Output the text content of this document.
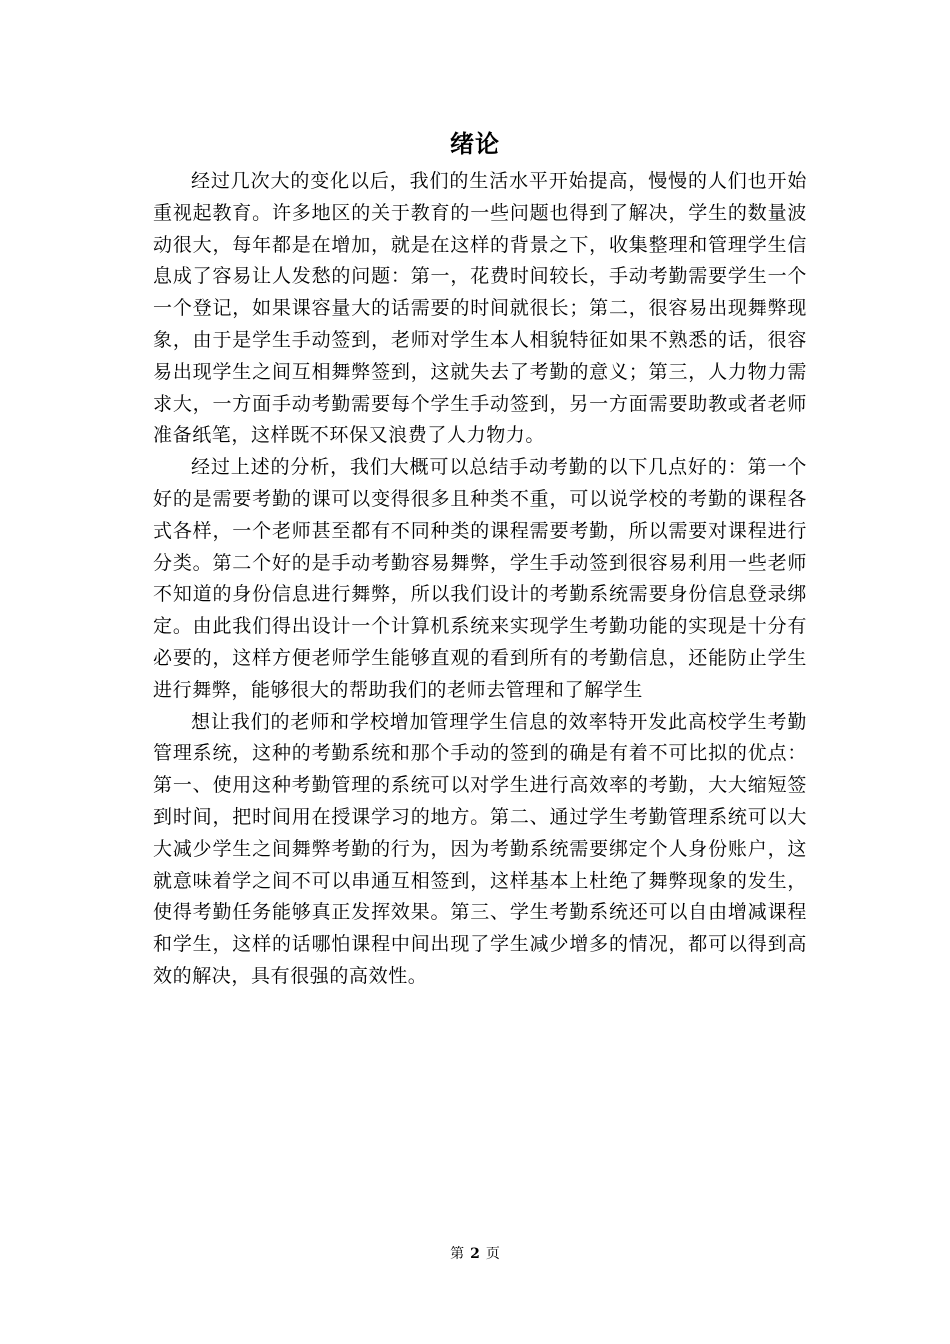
绪论

经过几次大的变化以后，我们的生活水平开始提高，慢慢的人们也开始重视起教育。许多地区的关于教育的一些问题也得到了解决，学生的数量波动很大，每年都是在增加，就是在这样的背景之下，收集整理和管理学生信息成了容易让人发愁的问题：第一，花费时间较长，手动考勤需要学生一个一个登记，如果课容量大的话需要的时间就很长；第二，很容易出现舞弊现象，由于是学生手动签到，老师对学生本人相貌特征如果不熟悉的话，很容易出现学生之间互相舞弊签到，这就失去了考勤的意义；第三，人力物力需求大，一方面手动考勤需要每个学生手动签到，另一方面需要助教或者老师准备纸笔，这样既不环保又浪费了人力物力。

经过上述的分析，我们大概可以总结手动考勤的以下几点好的：第一个好的是需要考勤的课可以变得很多且种类不重，可以说学校的考勤的课程各式各样，一个老师甚至都有不同种类的课程需要考勤，所以需要对课程进行分类。第二个好的是手动考勤容易舞弊，学生手动签到很容易利用一些老师不知道的身份信息进行舞弊，所以我们设计的考勤系统需要身份信息登录绑定。由此我们得出设计一个计算机系统来实现学生考勤功能的实现是十分有必要的，这样方便老师学生能够直观的看到所有的考勤信息，还能防止学生进行舞弊，能够很大的帮助我们的老师去管理和了解学生

想让我们的老师和学校增加管理学生信息的效率特开发此高校学生考勤管理系统，这种的考勤系统和那个手动的签到的确是有着不可比拟的优点：第一、使用这种考勤管理的系统可以对学生进行高效率的考勤，大大缩短签到时间，把时间用在授课学习的地方。第二、通过学生考勤管理系统可以大大减少学生之间舞弊考勤的行为，因为考勤系统需要绑定个人身份账户，这就意味着学之间不可以串通互相签到，这样基本上杜绝了舞弊现象的发生，使得考勤任务能够真正发挥效果。第三、学生考勤系统还可以自由增减课程和学生，这样的话哪怕课程中间出现了学生减少增多的情况，都可以得到高效的解决，具有很强的高效性。

第 2 页
